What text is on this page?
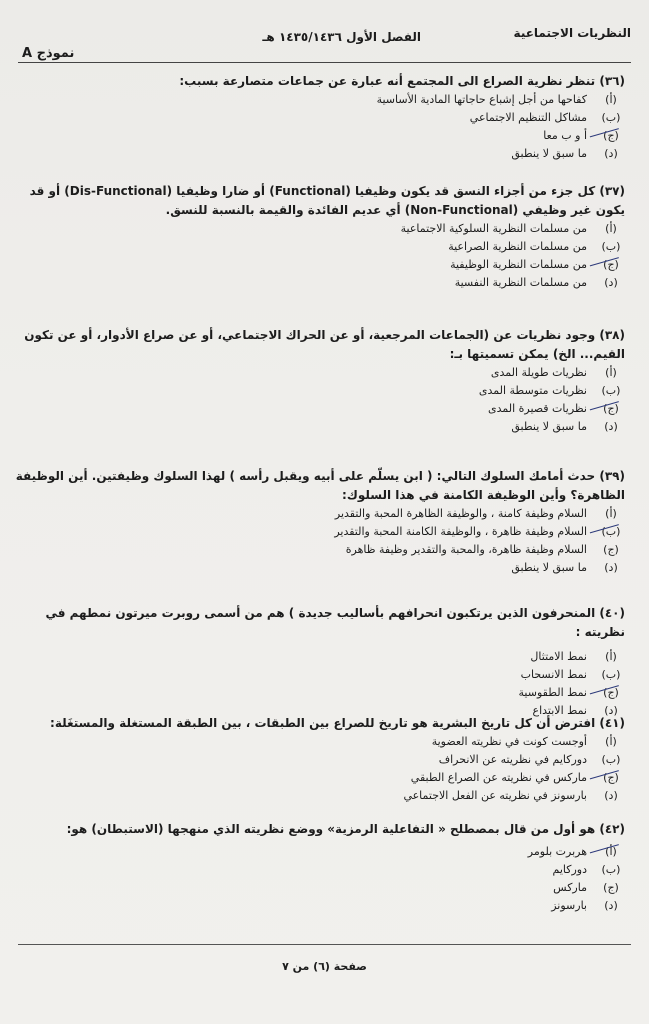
النظريات الاجتماعية
الفصل الأول ١٤٣٥/١٤٣٦ هـ
نموذج A
(٣٦) تنظر نظرية الصراع الى المجتمع أنه عبارة عن جماعات متصارعة بسبب:
(أ)
كفاحها من أجل إشباع حاجاتها المادية الأساسية
(ب)
مشاكل التنظيم الاجتماعي
(ج)
أ و ب معا
(د)
ما سبق لا ينطبق
(٣٧) كل جزء من أجزاء النسق قد يكون وظيفيا (Functional) أو ضارا وظيفيا (Dis-Functional) أو قد يكون غير وظيفي (Non-Functional) أي عديم الفائدة والقيمة بالنسبة للنسق.
(أ)
من مسلمات النظرية السلوكية الاجتماعية
(ب)
من مسلمات النظرية الصراعية
(ج)
من مسلمات النظرية الوظيفية
(د)
من مسلمات النظرية النفسية
(٣٨) وجود نظريات عن (الجماعات المرجعية، أو عن الحراك الاجتماعي، أو عن صراع الأدوار، أو عن تكون القيم... الخ) يمكن تسميتها بـ:
(أ)
نظريات طويلة المدى
(ب)
نظريات متوسطة المدى
(ج)
نظريات قصيرة المدى
(د)
ما سبق لا ينطبق
(٣٩) حدث أمامك السلوك التالي: ( ابن يسلّم على أبيه ويقبل رأسه ) لهذا السلوك وظيفتين. أين الوظيفة الظاهرة؟ وأين الوظيفة الكامنة في هذا السلوك:
(أ)
السلام وظيفة كامنة ، والوظيفة الظاهرة المحبة والتقدير
(ب)
السلام وظيفة ظاهرة ، والوظيفة الكامنة المحبة والتقدير
(ج)
السلام وظيفة ظاهرة، والمحبة والتقدير وظيفة ظاهرة
(د)
ما سبق لا ينطبق
(٤٠) المنحرفون الذين يرتكبون انحرافهم بأساليب جديدة ) هم من أسمى روبرت ميرتون نمطهم في نظريته :
(أ)
نمط الامتثال
(ب)
نمط الانسحاب
(ج)
نمط الطقوسية
(د)
نمط الابتداع
(٤١) افترض أن كل تاريخ البشرية هو تاريخ للصراع بين الطبقات ، بين الطبقة المستغلة والمستغَلة:
(أ)
أوجست كونت في نظريته العضوية
(ب)
دوركايم في نظريته عن الانحراف
(ج)
ماركس في نظريته عن الصراع الطبقي
(د)
بارسونز في نظريته عن الفعل الاجتماعي
(٤٢) هو أول من قال بمصطلح « التفاعلية الرمزية» ووضع نظريته الذي منهجها (الاستبطان) هو:
(أ)
هربرت بلومر
(ب)
دوركايم
(ج)
ماركس
(د)
بارسونز
صفحة (٦) من ٧
